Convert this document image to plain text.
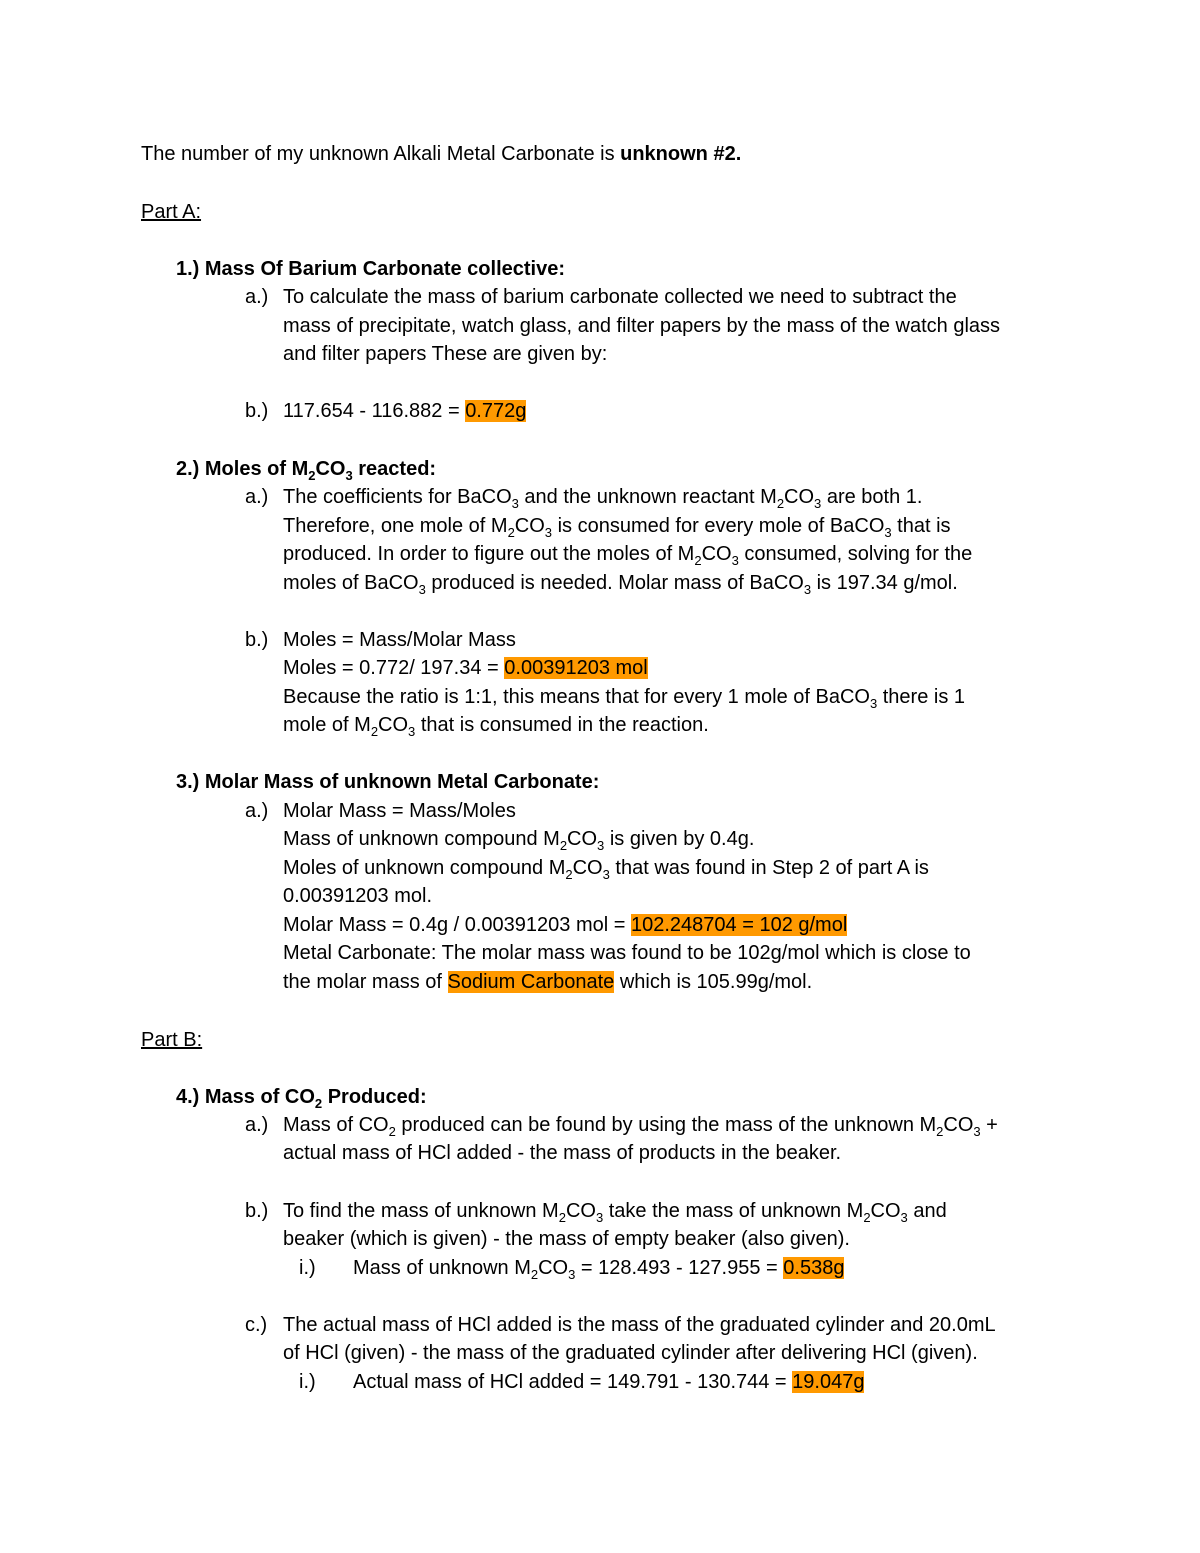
The number of my unknown Alkali Metal Carbonate is unknown #2.
Part A:
1.) Mass Of Barium Carbonate collective:
a.) To calculate the mass of barium carbonate collected we need to subtract the
mass of precipitate, watch glass, and filter papers by the mass of the watch glass
and filter papers These are given by:
b.) 117.654 - 116.882 = 0.772g
2.) Moles of $M_2CO_3$ reacted:
a.) The coefficients for BaCO$_3$ and the unknown reactant $M_2CO_3$ are both 1.
Therefore, one mole of $M_2CO_3$ is consumed for every mole of BaCO$_3$ that is
produced. In order to figure out the moles of $M_2CO_3$ consumed, solving for the
moles of BaCO$_3$ produced is needed. Molar mass of BaCO$_3$ is 197.34 g/mol.
b.) Moles = Mass/Molar Mass
Moles = 0.772/ 197.34 = 0.00391203 mol
Because the ratio is 1:1, this means that for every 1 mole of BaCO$_3$ there is 1
mole of $M_2CO_3$ that is consumed in the reaction.
3.) Molar Mass of unknown Metal Carbonate:
a.) Molar Mass = Mass/Moles
Mass of unknown compound $M_2CO_3$ is given by 0.4g.
Moles of unknown compound $M_2CO_3$ that was found in Step 2 of part A is
0.00391203 mol.
Molar Mass = 0.4g / 0.00391203 mol = 102.248704 = 102 g/mol
Metal Carbonate: The molar mass was found to be 102g/mol which is close to
the molar mass of Sodium Carbonate which is 105.99g/mol.
Part B:
4.) Mass of $CO_2$ Produced:
a.) Mass of $CO_2$ produced can be found by using the mass of the unknown $M_2CO_3$ +
actual mass of HCl added - the mass of products in the beaker.
b.) To find the mass of unknown $M_2CO_3$ take the mass of unknown $M_2CO_3$ and
beaker (which is given) - the mass of empty beaker (also given).
i.) Mass of unknown $M_2CO_3 = 128.493 - 127.955 = 0.538g$
c.) The actual mass of HCl added is the mass of the graduated cylinder and 20.0mL
of HCl (given) - the mass of the graduated cylinder after delivering HCl (given).
i.) Actual mass of HCl added = 149.791 - 130.744 = 19.047g
